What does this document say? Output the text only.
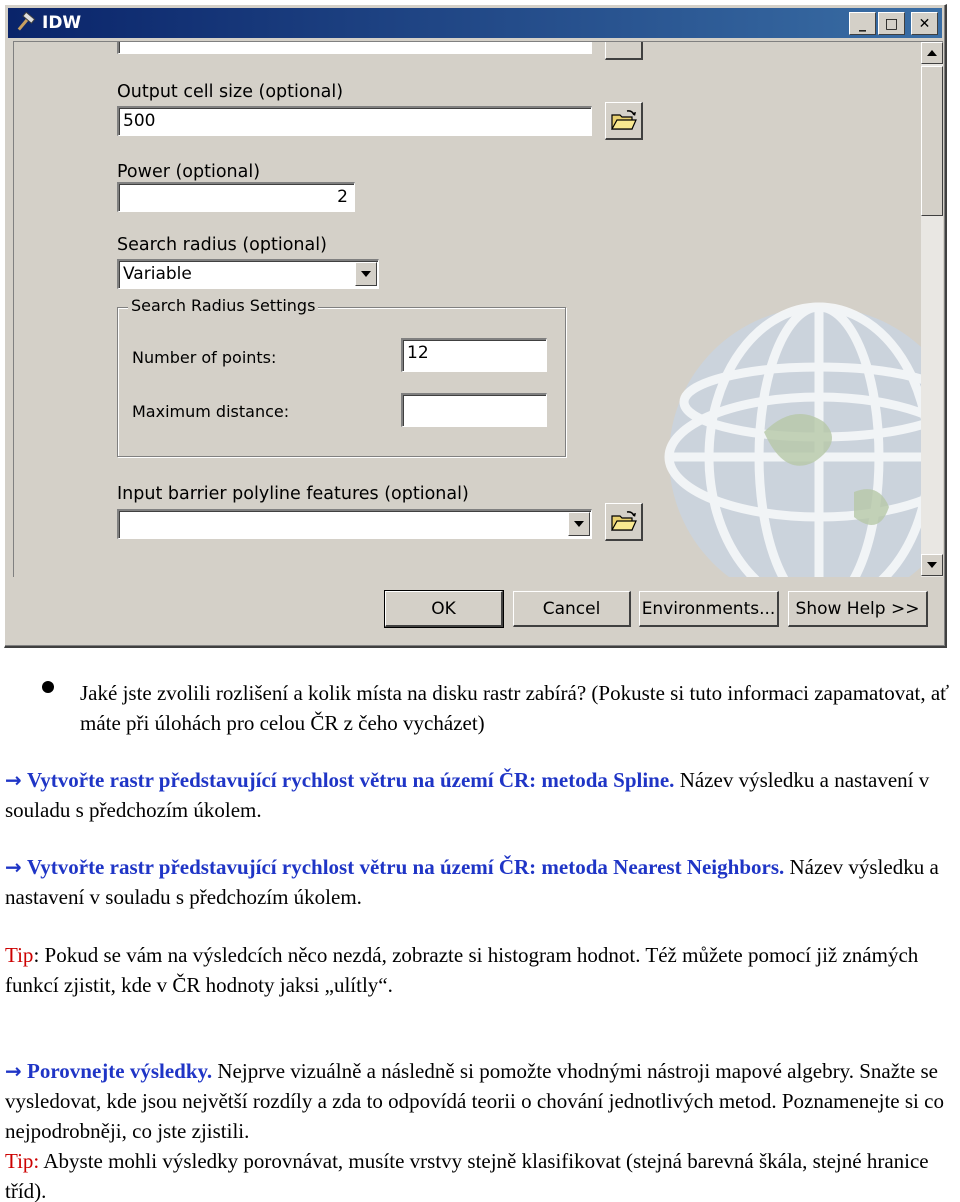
IDW	_ □ ✕
Output cell size (optional)
500
Power (optional)
2
Search radius (optional)
Variable
Search Radius Settings
Number of points:	12
Maximum distance:
Input barrier polyline features (optional)
OK	Cancel	Environments...	Show Help >>
Jaké jste zvolili rozlišení a kolik místa na disku rastr zabírá? (Pokuste si tuto informaci zapamatovat, ať máte při úlohách pro celou ČR z čeho vycházet)
→ Vytvořte rastr představující rychlost větru na území ČR: metoda Spline. Název výsledku a nastavení v souladu s předchozím úkolem.
→ Vytvořte rastr představující rychlost větru na území ČR: metoda Nearest Neighbors. Název výsledku a nastavení v souladu s předchozím úkolem.
Tip: Pokud se vám na výsledcích něco nezdá, zobrazte si histogram hodnot. Též můžete pomocí již známých funkcí zjistit, kde v ČR hodnoty jaksi „ulítly“.
→ Porovnejte výsledky. Nejprve vizuálně a následně si pomožte vhodnými nástroji mapové algebry. Snažte se vysledovat, kde jsou největší rozdíly a zda to odpovídá teorii o chování jednotlivých metod. Poznamenejte si co nejpodrobněji, co jste zjistili.
Tip: Abyste mohli výsledky porovnávat, musíte vrstvy stejně klasifikovat (stejná barevná škála, stejné hranice tříd).
